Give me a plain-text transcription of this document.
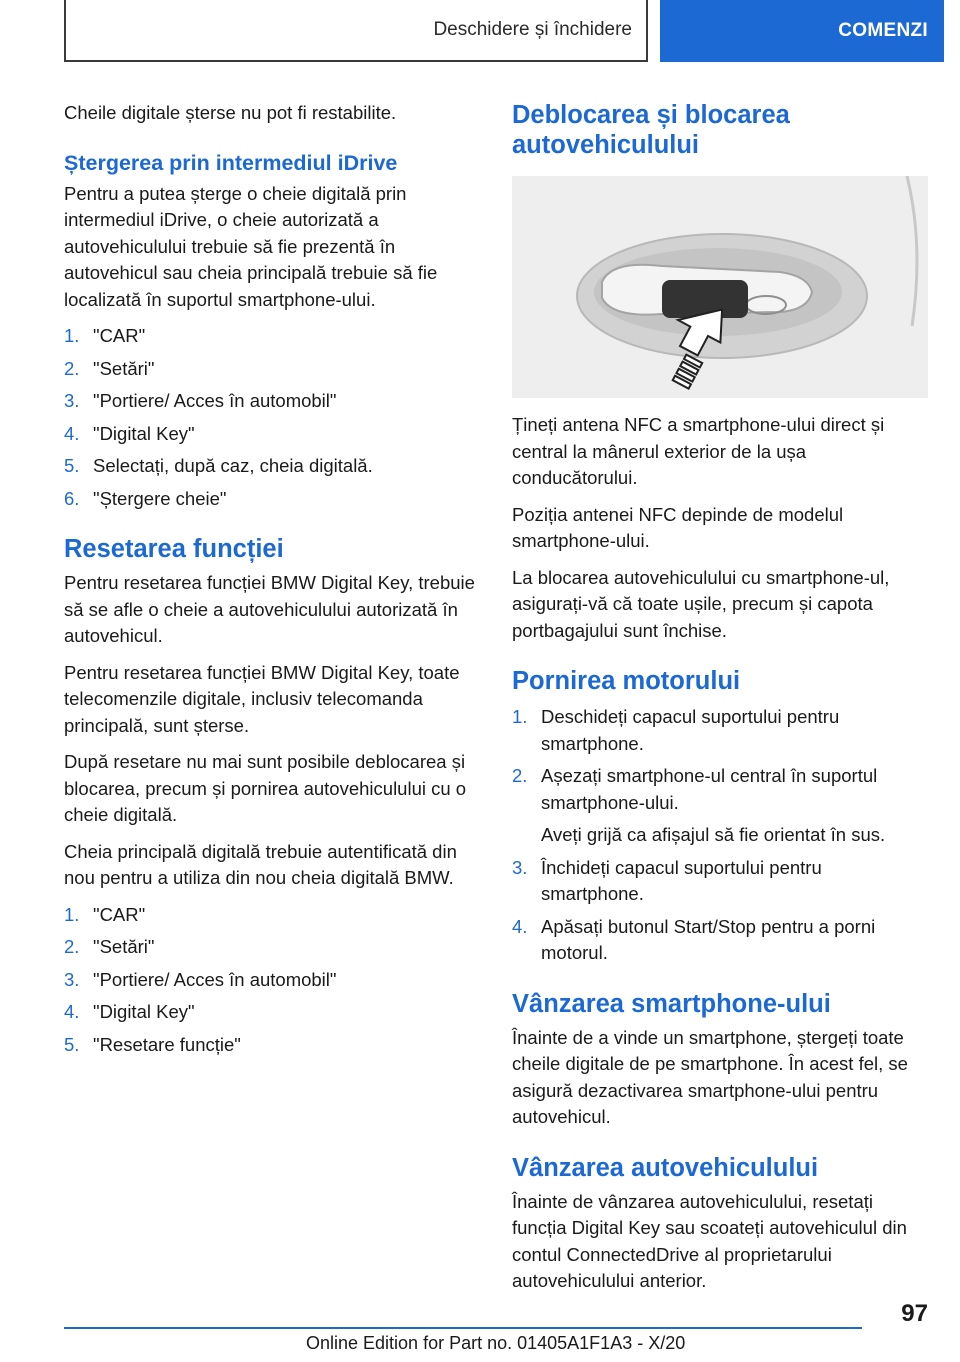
Deschidere și închidere	COMENZI

Cheile digitale șterse nu pot fi restabilite.

Ștergerea prin intermediul iDrive

Pentru a putea șterge o cheie digitală prin intermediul iDrive, o cheie autorizată a autovehiculului trebuie să fie prezentă în autovehicul sau cheia principală trebuie să fie localizată în suportul smartphone-ului.

1. "CAR"
2. "Setări"
3. "Portiere/ Acces în automobil"
4. "Digital Key"
5. Selectați, după caz, cheia digitală.
6. "Ștergere cheie"
Resetarea funcției

Pentru resetarea funcției BMW Digital Key, trebuie să se afle o cheie a autovehiculului autorizată în autovehicul.

Pentru resetarea funcției BMW Digital Key, toate telecomenzile digitale, inclusiv telecomanda principală, sunt șterse.

După resetare nu mai sunt posibile deblocarea și blocarea, precum și pornirea autovehiculului cu o cheie digitală.

Cheia principală digitală trebuie autentificată din nou pentru a utiliza din nou cheia digitală BMW.

1. "CAR"
2. "Setări"
3. "Portiere/ Acces în automobil"
4. "Digital Key"
5. "Resetare funcție"
Deblocarea și blocarea autovehiculului

Țineți antena NFC a smartphone-ului direct și central la mânerul exterior de la ușa conducătorului.

Poziția antenei NFC depinde de modelul smartphone-ului.

La blocarea autovehiculului cu smartphone-ul, asigurați-vă că toate ușile, precum și capota portbagajului sunt închise.

Pornirea motorului
1. Deschideți capacul suportului pentru smartphone.
2. Așezați smartphone-ul central în suportul smartphone-ului.
Aveți grijă ca afișajul să fie orientat în sus.
3. Închideți capacul suportului pentru smartphone.
4. Apăsați butonul Start/Stop pentru a porni motorul.
Vânzarea smartphone-ului

Înainte de a vinde un smartphone, ștergeți toate cheile digitale de pe smartphone. În acest fel, se asigură dezactivarea smartphone-ului pentru autovehicul.

Vânzarea autovehiculului

Înainte de vânzarea autovehiculului, resetați funcția Digital Key sau scoateți autovehiculul din contul ConnectedDrive al proprietarului autovehiculului anterior.

97
Online Edition for Part no. 01405A1F1A3 - X/20
